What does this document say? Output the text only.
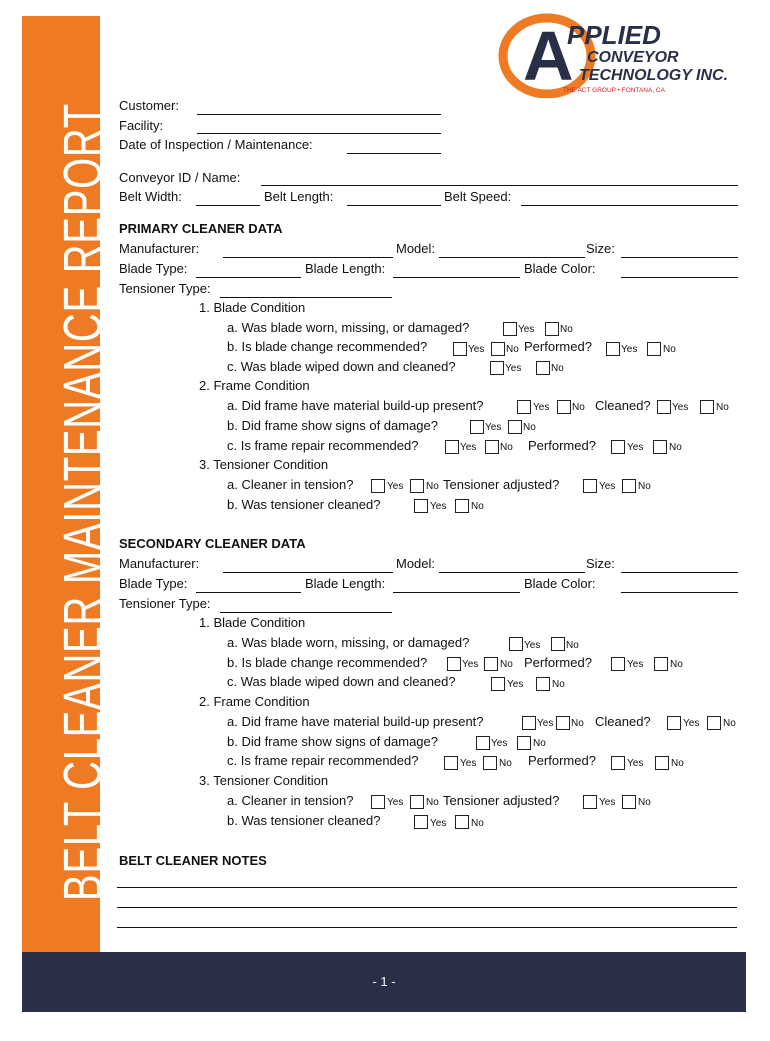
BELT CLEANER MAINTENANCE REPORT
A
PPLIED
CONVEYOR
TECHNOLOGY INC.
THE ACT GROUP • FONTANA, CA
Customer:
Facility:
Date of Inspection / Maintenance:
Conveyor ID / Name:
Belt Width:	Belt Length:	Belt Speed:
PRIMARY CLEANER DATA
Manufacturer:	Model:	Size:
Blade Type:	Blade Length:	Blade Color:
Tensioner Type:
1. Blade Condition
a. Was blade worn, missing, or damaged?	Yes	No
b. Is blade change recommended?	Yes No Performed?	Yes	No
c. Was blade wiped down and cleaned?	Yes	No
2. Frame Condition
a. Did frame have material build-up present?	Yes No Cleaned? Yes	No
b. Did frame show signs of damage?	Yes No
c. Is frame repair recommended?	Yes No Performed?	Yes	No
3. Tensioner Condition
a. Cleaner in tension?	Yes No Tensioner adjusted?	Yes No
b. Was tensioner cleaned?	Yes No
SECONDARY CLEANER DATA
Manufacturer:	Model:	Size:
Blade Type:	Blade Length:	Blade Color:
Tensioner Type:
1. Blade Condition
a. Was blade worn, missing, or damaged?	Yes	No
b. Is blade change recommended?	Yes No Performed?	Yes	No
c. Was blade wiped down and cleaned?	Yes	No
2. Frame Condition
a. Did frame have material build-up present?	Yes No Cleaned?	Yes No
b. Did frame show signs of damage?	Yes	No
c. Is frame repair recommended?	Yes No Performed?	Yes	No
3. Tensioner Condition
a. Cleaner in tension?	Yes No Tensioner adjusted?	Yes No
b. Was tensioner cleaned?	Yes No
BELT CLEANER NOTES
- 1 -
